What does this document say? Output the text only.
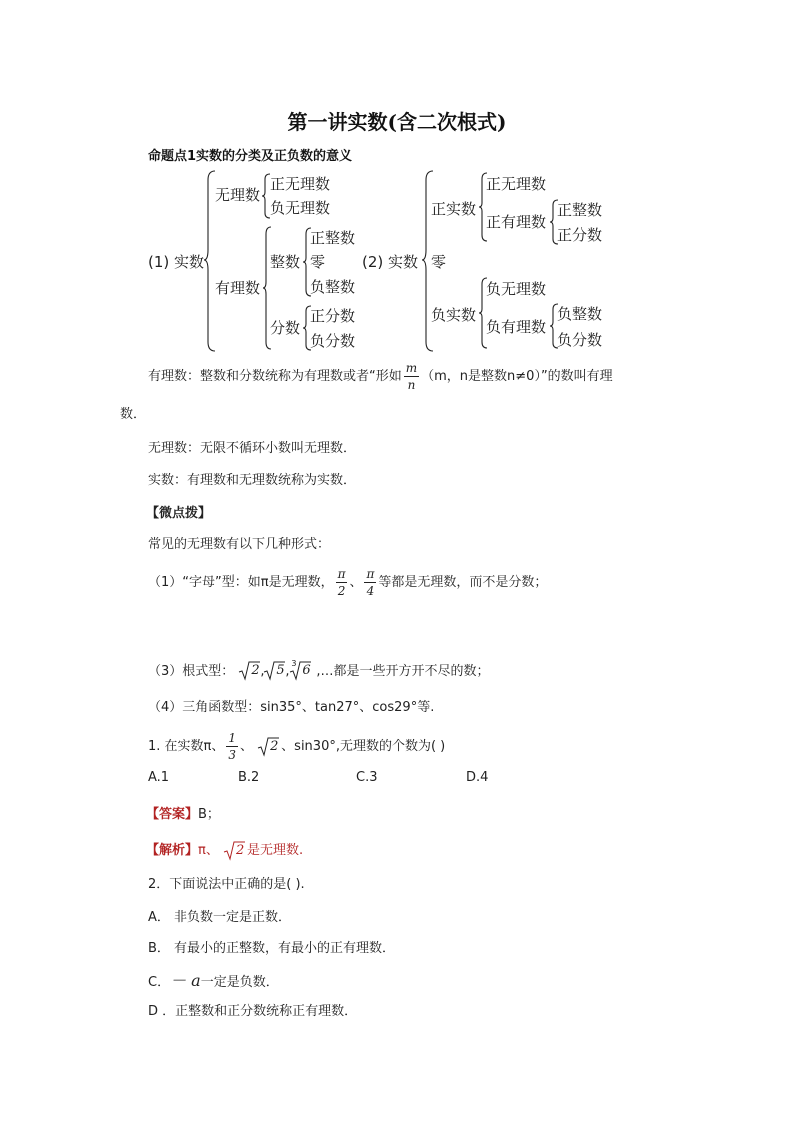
第一讲实数(含二次根式)
命题点1实数的分类及正负数的意义
(1) 实数
无理数
正无理数
负无理数
有理数
整数
正整数
零
负整数
分数
正分数
负分数
(2) 实数
正实数
正无理数
正有理数
正整数
正分数
零
负实数
负无理数
负有理数
负整数
负分数
有理数：整数和分数统称为有理数或者“形如 $\frac{m}{n} (m$，n是整数n≠0）”的数叫有理
数．
无理数：无限不循环小数叫无理数．
实数：有理数和无理数统称为实数．
【微点拨】
常见的无理数有以下几种形式：
（1）“字母”型：如π是无理数， $\frac{\pi}{2}$ 、 $\frac{\pi}{4}$ 等都是无理数，而不是分数；
（3）根式型： 2 , 5 ,
3 6 ,…都是一些开方开不尽的数；
（4）三角函数型：sin35°、tan27°、cos29°等.
1. 在实数π、 $\frac{1}{3}$ 、 2 、sin30°,无理数的个数为( )
A.1	B.2	C.3	D.4
【答案】B；
【解析】π、 2 是无理数.
2．下面说法中正确的是( ).
A． 非负数一定是正数．
B． 有最小的正整数，有最小的正有理数．
C．－ a一定是负数．
D ．正整数和正分数统称正有理数．
